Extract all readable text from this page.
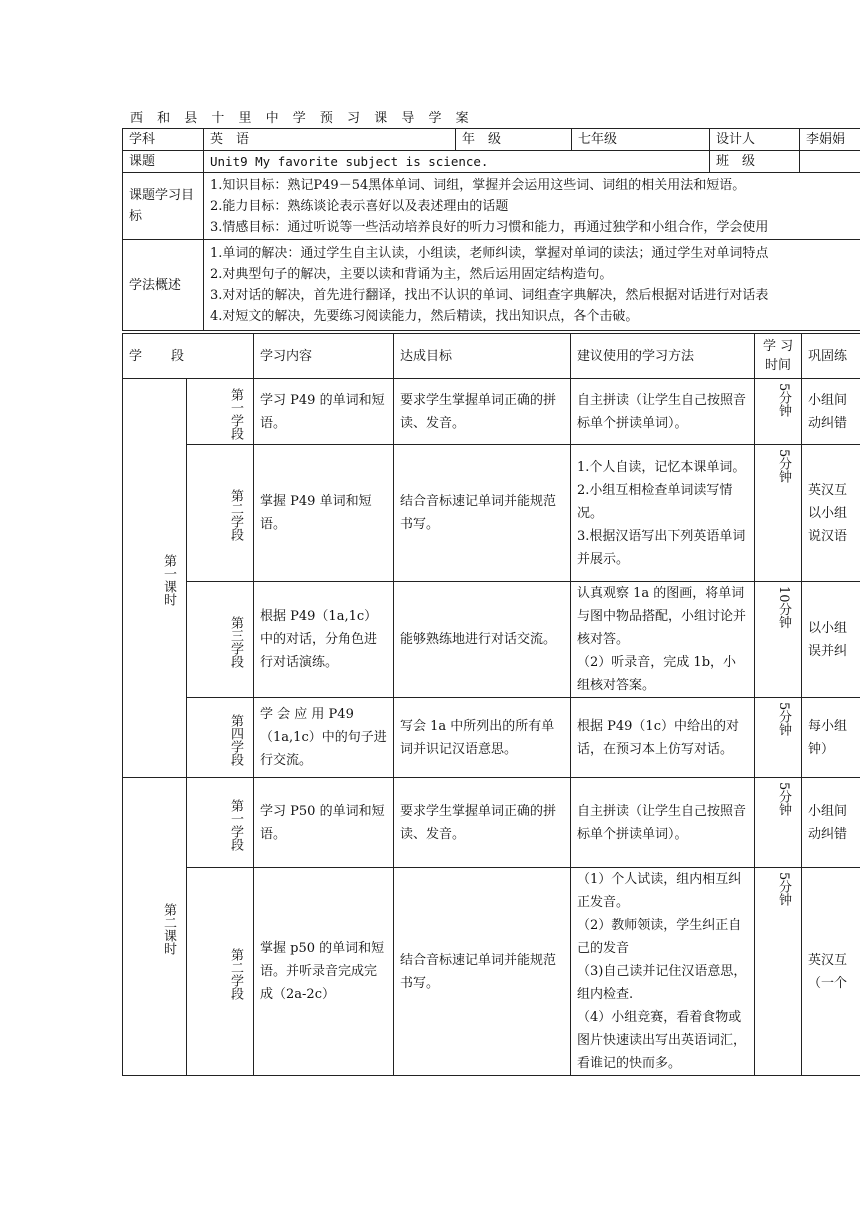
西 和 县 十 里 中 学 预 习 课 导 学 案
学科	英　语	年　级	七年级	设计人	李娟娟
课题	Unit9 My favorite subject is science.			班　级	
课题学习目标	1.知识目标：熟记P49－54黑体单词、词组，掌握并会运用这些词、词组的相关用法和短语。
2.能力目标：熟练谈论表示喜好以及表述理由的话题
3.情感目标：通过听说等一些活动培养良好的听力习惯和能力，再通过独学和小组合作，学会使用				

学法概述	1.单词的解决：通过学生自主认读，小组读，老师纠读，掌握对单词的读法；通过学生对单词特点
2.对典型句子的解决，主要以读和背诵为主，然后运用固定结构造句。
3.对对话的解决，首先进行翻译，找出不认识的单词、词组查字典解决，然后根据对话进行对话表
4.对短文的解决，先要练习阅读能力，然后精读，找出知识点，各个击破。				
学　段		学习内容	达成目标	建议使用的学习方法	学 习时间	巩固练
第一课时	第一学段	学习 P49 的单词和短语。	要求学生掌握单词正确的拼读、发音。	自主拼读（让学生自己按照音标单个拼读单词）。	5分钟	小组间动纠错
	第二学段	掌握 P49 单词和短语。	结合音标速记单词并能规范书写。	1.个人自读，记忆本课单词。
2.小组互相检查单词读写情况。
3.根据汉语写出下列英语单词并展示。	5分钟	英汉互以小组说汉语
	第三学段	根据 P49（1a,1c）中的对话，分角色进行对话演练。	能够熟练地进行对话交流。	认真观察 1a 的图画，将单词与图中物品搭配，小组讨论并核对答。
（2）听录音，完成 1b，小组核对答案。	10分钟	以小组误并纠
	第四学段	学 会 应 用 P49（1a,1c）中的句子进行交流。	写会 1a 中所列出的所有单词并识记汉语意思。	根据 P49（1c）中给出的对话，在预习本上仿写对话。	5分钟	每小组钟）
第二课时	第一学段	学习 P50 的单词和短语。	要求学生掌握单词正确的拼读、发音。	自主拼读（让学生自己按照音标单个拼读单词）。	5分钟	小组间动纠错
	第二学段	掌握 p50 的单词和短语。并听录音完成完成（2a-2c）	结合音标速记单词并能规范书写。	（1）个人试读，组内相互纠正发音。
（2）教师领读，学生纠正自己的发音
（3)自己读并记住汉语意思，组内检查.
（4）小组竞赛，看着食物或图片快速读出写出英语词汇，看谁记的快而多。	5分钟	英汉互（一个
